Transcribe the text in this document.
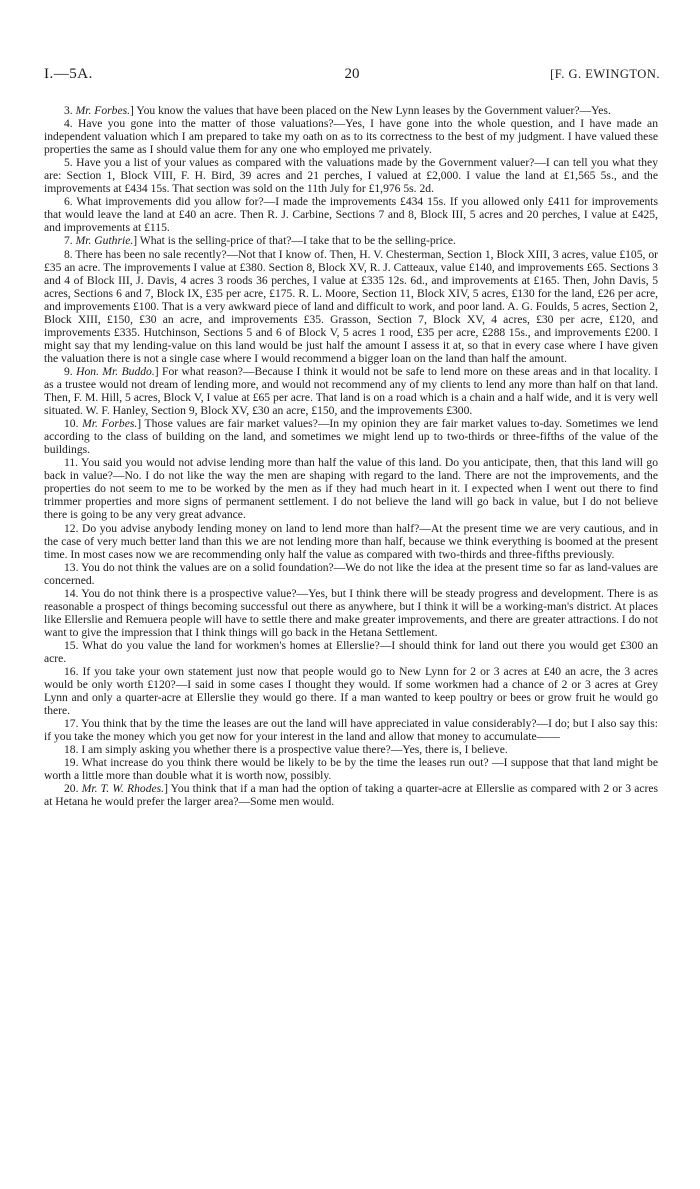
I.—5A.	20	[F. G. EWINGTON.

3. Mr. Forbes.] You know the values that have been placed on the New Lynn leases by the Government valuer?—Yes.

4. Have you gone into the matter of those valuations?—Yes, I have gone into the whole question, and I have made an independent valuation which I am prepared to take my oath on as to its correctness to the best of my judgment. I have valued these properties the same as I should value them for any one who employed me privately.

5. Have you a list of your values as compared with the valuations made by the Government valuer?—I can tell you what they are: Section 1, Block VIII, F. H. Bird, 39 acres and 21 perches, I valued at £2,000. I value the land at £1,565 5s., and the improvements at £434 15s. That section was sold on the 11th July for £1,976 5s. 2d.

6. What improvements did you allow for?—I made the improvements £434 15s. If you allowed only £411 for improvements that would leave the land at £40 an acre. Then R. J. Carbine, Sections 7 and 8, Block III, 5 acres and 20 perches, I value at £425, and improvements at £115.

7. Mr. Guthrie.] What is the selling-price of that?—I take that to be the selling-price.

8. There has been no sale recently?—Not that I know of. Then, H. V. Chesterman, Section 1, Block XIII, 3 acres, value £105, or £35 an acre. The improvements I value at £380. Section 8, Block XV, R. J. Catteaux, value £140, and improvements £65. Sections 3 and 4 of Block III, J. Davis, 4 acres 3 roods 36 perches, I value at £335 12s. 6d., and improvements at £165. Then, John Davis, 5 acres, Sections 6 and 7, Block IX, £35 per acre, £175. R. L. Moore, Section 11, Block XIV, 5 acres, £130 for the land, £26 per acre, and improvements £100. That is a very awkward piece of land and difficult to work, and poor land. A. G. Foulds, 5 acres, Section 2, Block XIII, £150, £30 an acre, and improvements £35. Grasson, Section 7, Block XV, 4 acres, £30 per acre, £120, and improvements £335. Hutchinson, Sections 5 and 6 of Block V, 5 acres 1 rood, £35 per acre, £288 15s., and improvements £200. I might say that my lending-value on this land would be just half the amount I assess it at, so that in every case where I have given the valuation there is not a single case where I would recommend a bigger loan on the land than half the amount.

9. Hon. Mr. Buddo.] For what reason?—Because I think it would not be safe to lend more on these areas and in that locality. I as a trustee would not dream of lending more, and would not recommend any of my clients to lend any more than half on that land. Then, F. M. Hill, 5 acres, Block V, I value at £65 per acre. That land is on a road which is a chain and a half wide, and it is very well situated. W. F. Hanley, Section 9, Block XV, £30 an acre, £150, and the improvements £300.

10. Mr. Forbes.] Those values are fair market values?—In my opinion they are fair market values to-day. Sometimes we lend according to the class of building on the land, and sometimes we might lend up to two-thirds or three-fifths of the value of the buildings.

11. You said you would not advise lending more than half the value of this land. Do you anticipate, then, that this land will go back in value?—No. I do not like the way the men are shaping with regard to the land. There are not the improvements, and the properties do not seem to me to be worked by the men as if they had much heart in it. I expected when I went out there to find trimmer properties and more signs of permanent settlement. I do not believe the land will go back in value, but I do not believe there is going to be any very great advance.

12. Do you advise anybody lending money on land to lend more than half?—At the present time we are very cautious, and in the case of very much better land than this we are not lending more than half, because we think everything is boomed at the present time. In most cases now we are recommending only half the value as compared with two-thirds and three-fifths previously.

13. You do not think the values are on a solid foundation?—We do not like the idea at the present time so far as land-values are concerned.

14. You do not think there is a prospective value?—Yes, but I think there will be steady progress and development. There is as reasonable a prospect of things becoming successful out there as anywhere, but I think it will be a working-man's district. At places like Ellerslie and Remuera people will have to settle there and make greater improvements, and there are greater attractions. I do not want to give the impression that I think things will go back in the Hetana Settlement.

15. What do you value the land for workmen's homes at Ellerslie?—I should think for land out there you would get £300 an acre.

16. If you take your own statement just now that people would go to New Lynn for 2 or 3 acres at £40 an acre, the 3 acres would be only worth £120?—I said in some cases I thought they would. If some workmen had a chance of 2 or 3 acres at Grey Lynn and only a quarter-acre at Ellerslie they would go there. If a man wanted to keep poultry or bees or grow fruit he would go there.

17. You think that by the time the leases are out the land will have appreciated in value considerably?—I do; but I also say this: if you take the money which you get now for your interest in the land and allow that money to accumulate——

18. I am simply asking you whether there is a prospective value there?—Yes, there is, I believe.

19. What increase do you think there would be likely to be by the time the leases run out? —I suppose that that land might be worth a little more than double what it is worth now, possibly.

20. Mr. T. W. Rhodes.] You think that if a man had the option of taking a quarter-acre at Ellerslie as compared with 2 or 3 acres at Hetana he would prefer the larger area?—Some men would.
